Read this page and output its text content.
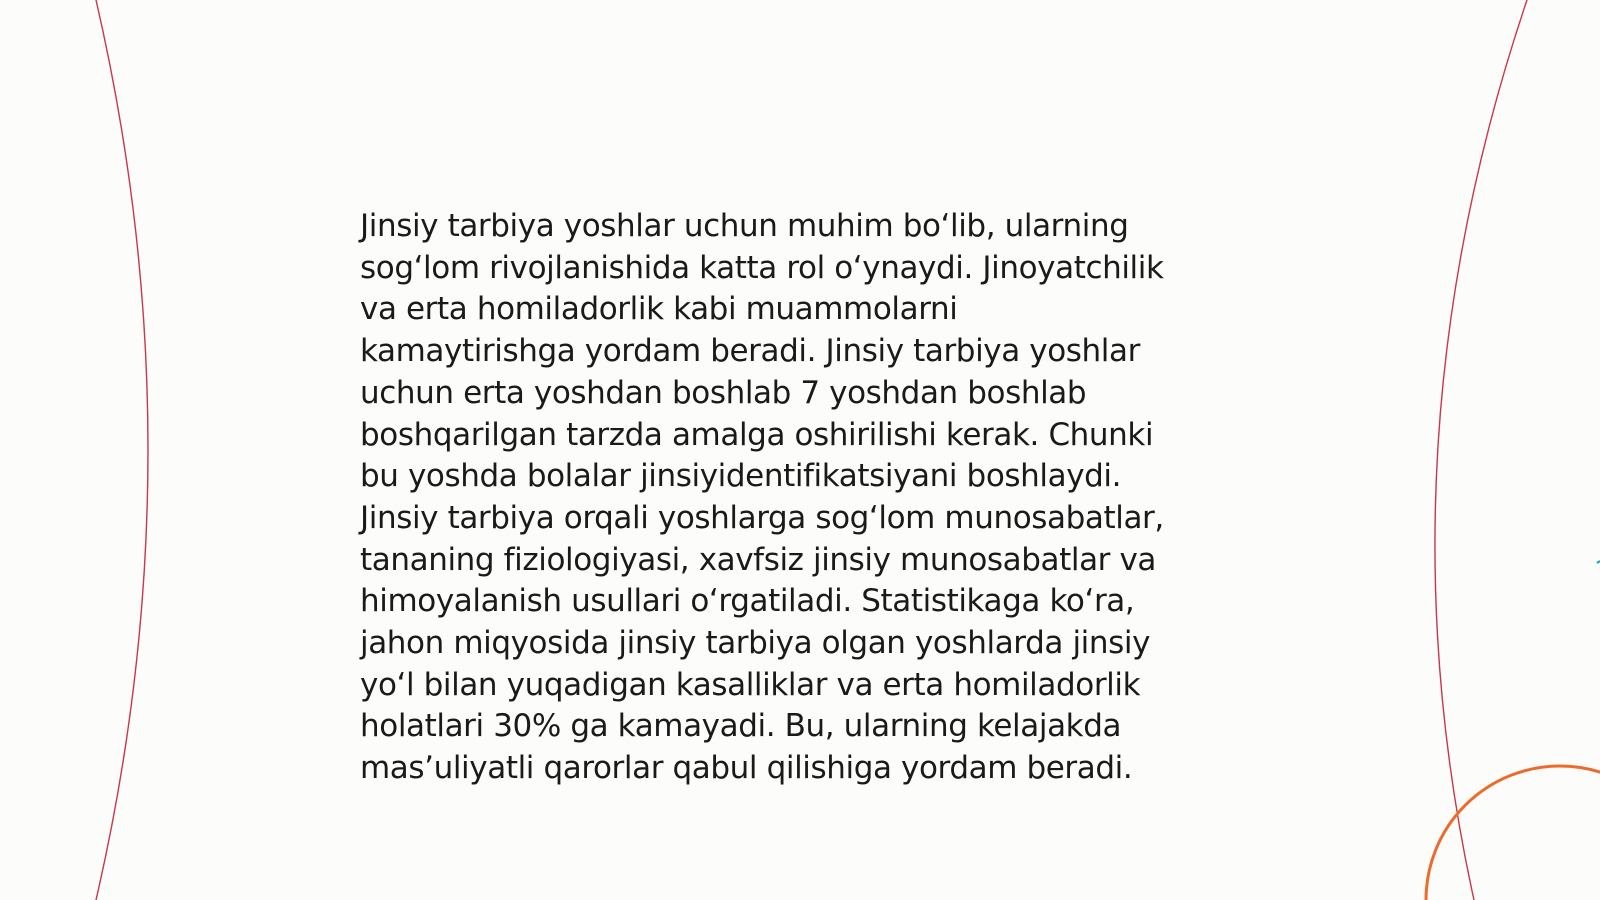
Jinsiy tarbiya yoshlar uchun muhim bo‘lib, ularning
sog‘lom rivojlanishida katta rol o‘ynaydi. Jinoyatchilik
va erta homiladorlik kabi muammolarni
kamaytirishga yordam beradi. Jinsiy tarbiya yoshlar
uchun erta yoshdan boshlab 7 yoshdan boshlab
boshqarilgan tarzda amalga oshirilishi kerak. Chunki
bu yoshda bolalar jinsiyidentifikatsiyani boshlaydi.
Jinsiy tarbiya orqali yoshlarga sog‘lom munosabatlar,
tananing fiziologiyasi, xavfsiz jinsiy munosabatlar va
himoyalanish usullari o‘rgatiladi. Statistikaga ko‘ra,
jahon miqyosida jinsiy tarbiya olgan yoshlarda jinsiy
yo‘l bilan yuqadigan kasalliklar va erta homiladorlik
holatlari 30% ga kamayadi. Bu, ularning kelajakda
mas’uliyatli qarorlar qabul qilishiga yordam beradi.
